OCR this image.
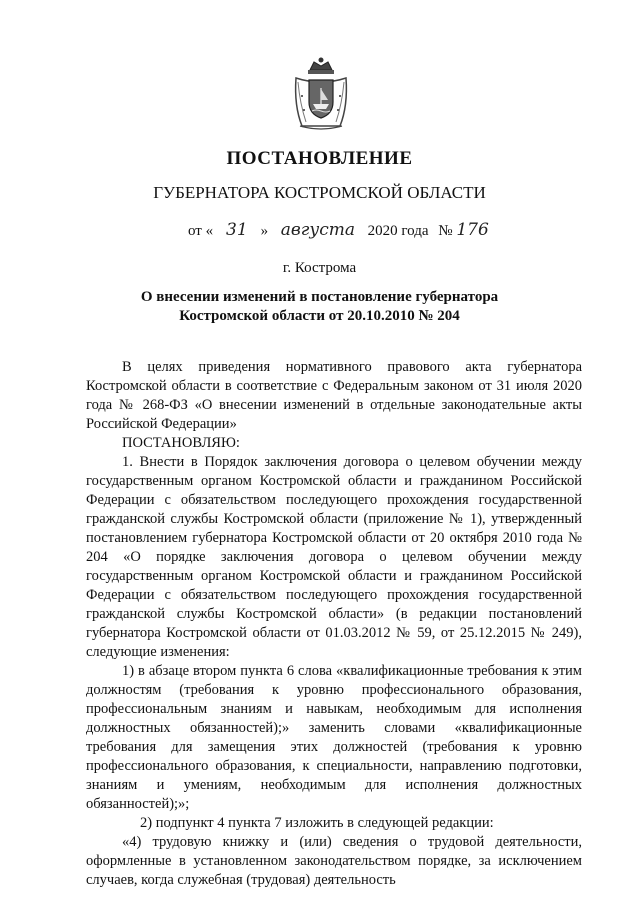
ПОСТАНОВЛЕНИЕ
ГУБЕРНАТОРА КОСТРОМСКОЙ ОБЛАСТИ
от « 31 » августа 2020 года № 176
г. Кострома
О внесении изменений в постановление губернатора
Костромской области от 20.10.2010 № 204

В целях приведения нормативного правового акта губернатора Костромской области в соответствие с Федеральным законом от 31 июля 2020 года № 268-ФЗ «О внесении изменений в отдельные законодательные акты Российской Федерации»

ПОСТАНОВЛЯЮ:

1. Внести в Порядок заключения договора о целевом обучении между государственным органом Костромской области и гражданином Российской Федерации с обязательством последующего прохождения государственной гражданской службы Костромской области (приложение № 1), утвержденный постановлением губернатора Костромской области от 20 октября 2010 года № 204 «О порядке заключения договора о целевом обучении между государственным органом Костромской области и гражданином Российской Федерации с обязательством последующего прохождения государственной гражданской службы Костромской области» (в редакции постановлений губернатора Костромской области от 01.03.2012 № 59, от 25.12.2015 № 249), следующие изменения:

1) в абзаце втором пункта 6 слова «квалификационные требования к этим должностям (требования к уровню профессионального образования, профессиональным знаниям и навыкам, необходимым для исполнения должностных обязанностей);» заменить словами «квалификационные требования для замещения этих должностей (требования к уровню профессионального образования, к специальности, направлению подготовки, знаниям и умениям, необходимым для исполнения должностных обязанностей);»;

2) подпункт 4 пункта 7 изложить в следующей редакции:

«4) трудовую книжку и (или) сведения о трудовой деятельности, оформленные в установленном законодательством порядке, за исключением случаев, когда служебная (трудовая) деятельность
